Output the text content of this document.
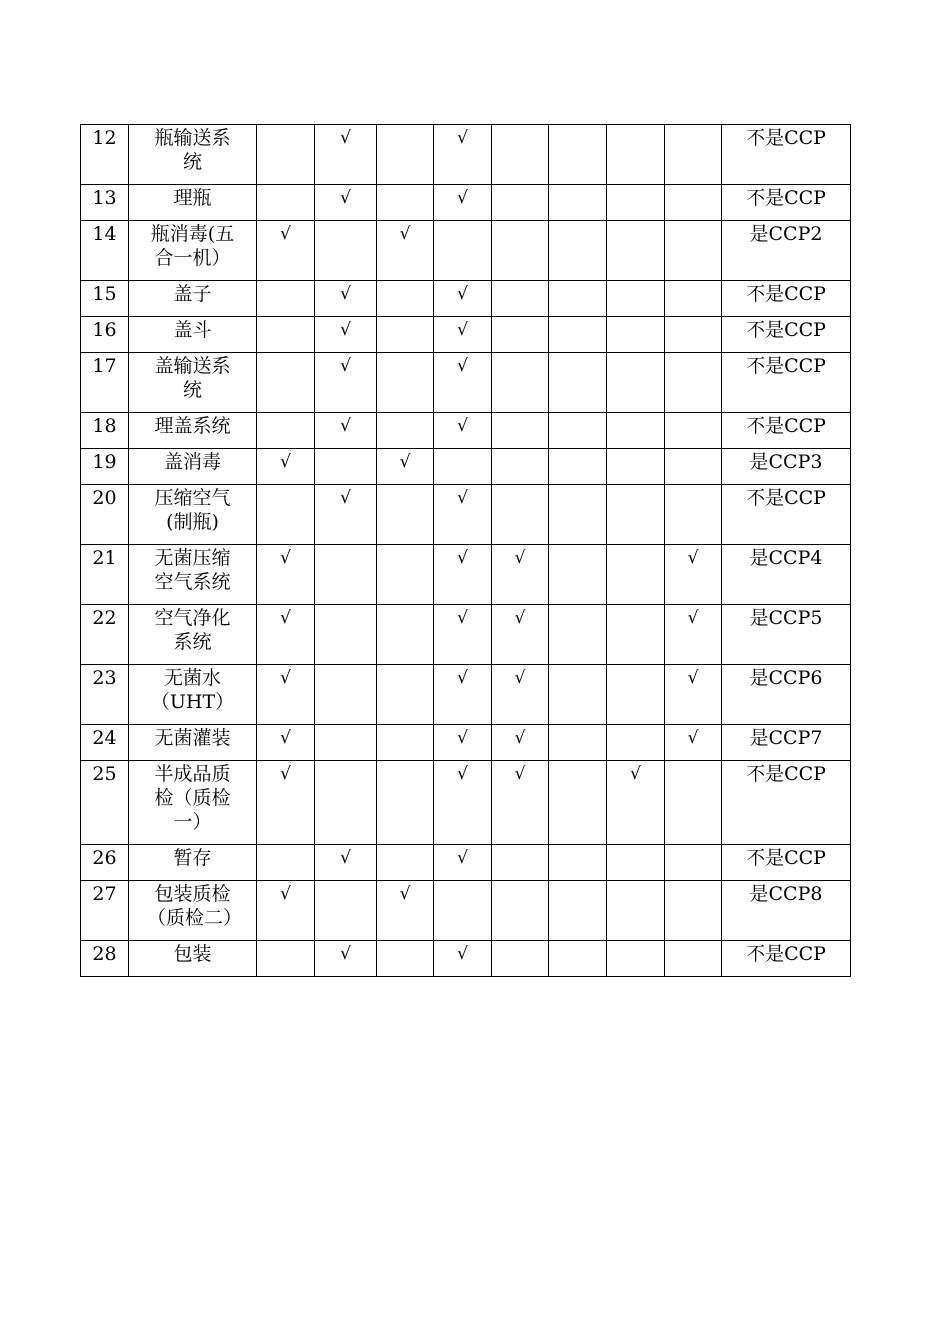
12	瓶输送系统		√		√					不是CCP
13	理瓶		√		√					不是CCP
14	瓶消毒(五合一机）	√		√						是CCP2
15	盖子		√		√					不是CCP
16	盖斗		√		√					不是CCP
17	盖输送系统		√		√					不是CCP
18	理盖系统		√		√					不是CCP
19	盖消毒	√		√						是CCP3
20	压缩空气(制瓶)		√		√					不是CCP
21	无菌压缩空气系统	√			√	√			√	是CCP4
22	空气净化系统	√			√	√			√	是CCP5
23	无菌水（UHT）	√			√	√			√	是CCP6
24	无菌灌装	√			√	√			√	是CCP7
25	半成品质检（质检一）	√			√	√		√		不是CCP
26	暂存		√		√					不是CCP
27	包装质检（质检二）	√		√						是CCP8
28	包装		√		√					不是CCP
